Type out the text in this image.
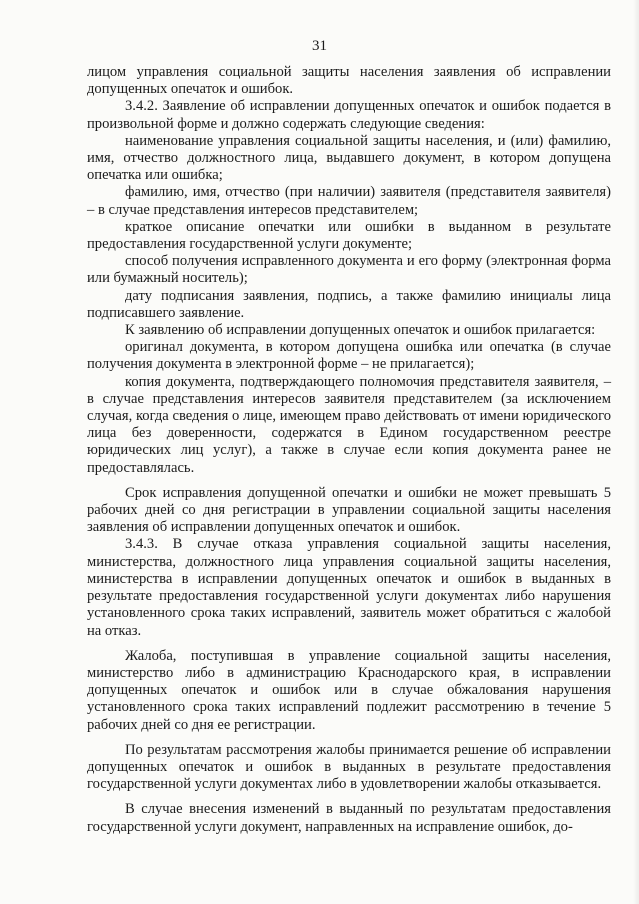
31

лицом управления социальной защиты населения заявления об исправлении допущенных опечаток и ошибок.

3.4.2. Заявление об исправлении допущенных опечаток и ошибок подается в произвольной форме и должно содержать следующие сведения:

наименование управления социальной защиты населения, и (или) фамилию, имя, отчество должностного лица, выдавшего документ, в котором допущена опечатка или ошибка;

фамилию, имя, отчество (при наличии) заявителя (представителя заявителя) – в случае представления интересов представителем;

краткое описание опечатки или ошибки в выданном в результате предоставления государственной услуги документе;

способ получения исправленного документа и его форму (электронная форма или бумажный носитель);

дату подписания заявления, подпись, а также фамилию инициалы лица подписавшего заявление.

К заявлению об исправлении допущенных опечаток и ошибок прилагается:

оригинал документа, в котором допущена ошибка или опечатка (в случае получения документа в электронной форме – не прилагается);

копия документа, подтверждающего полномочия представителя заявителя, – в случае представления интересов заявителя представителем (за исключением случая, когда сведения о лице, имеющем право действовать от имени юридического лица без доверенности, содержатся в Едином государственном реестре юридических лиц услуг), а также в случае если копия документа ранее не предоставлялась.

Срок исправления допущенной опечатки и ошибки не может превышать 5 рабочих дней со дня регистрации в управлении социальной защиты населения заявления об исправлении допущенных опечаток и ошибок.

3.4.3. В случае отказа управления социальной защиты населения, министерства, должностного лица управления социальной защиты населения, министерства в исправлении допущенных опечаток и ошибок в выданных в результате предоставления государственной услуги документах либо нарушения установленного срока таких исправлений, заявитель может обратиться с жалобой на отказ.

Жалоба, поступившая в управление социальной защиты населения, министерство либо в администрацию Краснодарского края, в исправлении допущенных опечаток и ошибок или в случае обжалования нарушения установленного срока таких исправлений подлежит рассмотрению в течение 5 рабочих дней со дня ее регистрации.

По результатам рассмотрения жалобы принимается решение об исправлении допущенных опечаток и ошибок в выданных в результате предоставления государственной услуги документах либо в удовлетворении жалобы отказывается.

В случае внесения изменений в выданный по результатам предоставления государственной услуги документ, направленных на исправление ошибок, до-
